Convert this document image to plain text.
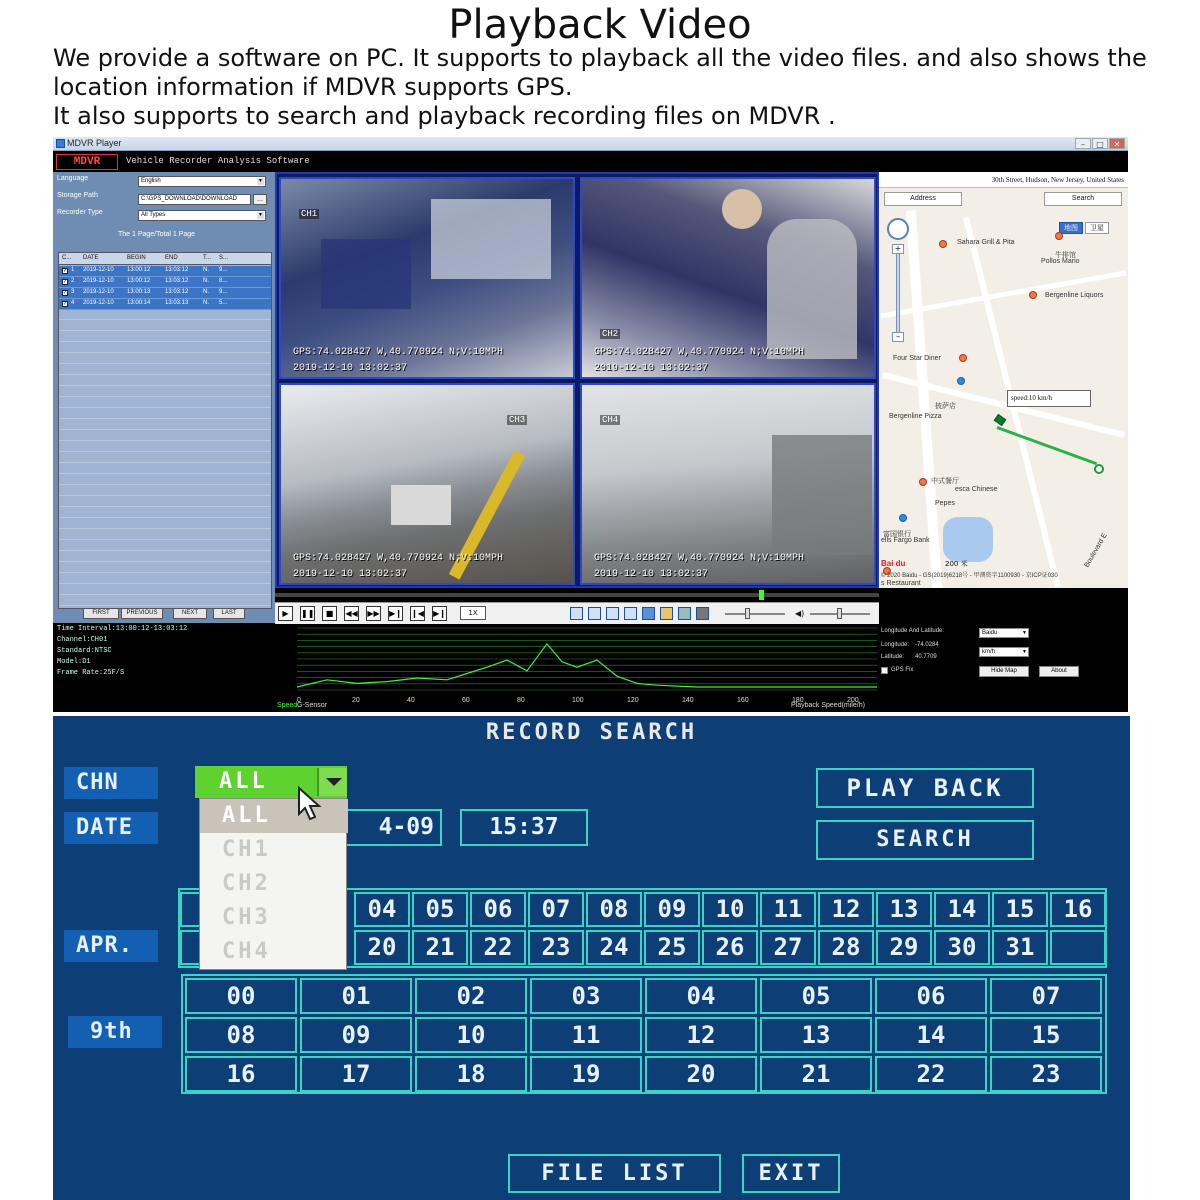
Playback Video
We provide a software on PC. It supports to playback all the video files. and also shows the
location information if MDVR supports GPS.
It also supports to search and playback recording files on MDVR .
MDVR Player	–	□	✕
MDVR	Vehicle Recorder Analysis Software
Language	English	▼
Storage Path	C:\GPS_DOWNLOAD\DOWNLOAD	...
Recorder Type	All Types	▼
The 1 Page/Total 1 Page
C... DATE	BEGIN	END	T... S...
✓ 1 2019-12-10 13:00:12 13:03:12 N. 9...
✓ 2 2019-12-10 13:00:12 13:03:12 N. 8...
✓ 3 2019-12-10 13:00:13 13:03:12 N. 9...
✓ 4 2019-12-10 13:00:14 13:03:13 N. 5...
FIRST	PREVIOUS	NEXT	LAST
Time Interval:13:00:12-13:03:12
Channel:CH01
Standard:NTSC
Model:D1
Frame Rate:25F/S
CH1
GPS:74.028427 W,40.770924 N;V:10MPH
2019-12-10 13:02:37
CH2
GPS:74.028427 W,40.770924 N;V:10MPH
2019-12-10 13:02:37
CH3
GPS:74.028427 W,40.770924 N;V:10MPH
2019-12-10 13:02:37
CH4
GPS:74.028427 W,40.770924 N;V:10MPH
2019-12-10 13:02:37
▶	❚❚	■	◀◀ ▶▶ ▶❙ ❙◀ ▶❙	1X	◀)
0	20	40	60	80	100	120	140	160	180	200
Speed G-Sensor	Playback Speed(mile/h)
30th Street, Hudson, New Jersey, United States
Address	Search
+
–
地图	卫星
Sahara Grill & Pita
牛排馆
Pollos Mario
Bergenline Liquors
Four Star Diner
披萨店
Bergenline Pizza
中式餐厅
esca Chinese
Pepes
富国银行
ells Fargo Bank
s Restaurant
Boulevard E
speed:10 km/h
Bai du	200 米
© 2020 Baidu - GS(2019)6218号 - 甲测资字1100930 - 京ICP证030
Longitude And Latitude:	Baidu	▼
Longitude: -74.0284
km/h	▼
Latitude: 40.7709
GPS Fix	Hide Map	About
RECORD SEARCH
CHN
DATE
APR.
9th
4-09	15:37
PLAY BACK
SEARCH
04	05	06	07	08	09	10	11	12	13	14	15	16
20	21	22	23	24	25	26	27	28	29	30	31
00	01	02	03	04	05	06	07
08	09	10	11	12	13	14	15
16	17	18	19	20	21	22	23
ALL
ALL
CH1
CH2
CH3
CH4
FILE LIST	EXIT
